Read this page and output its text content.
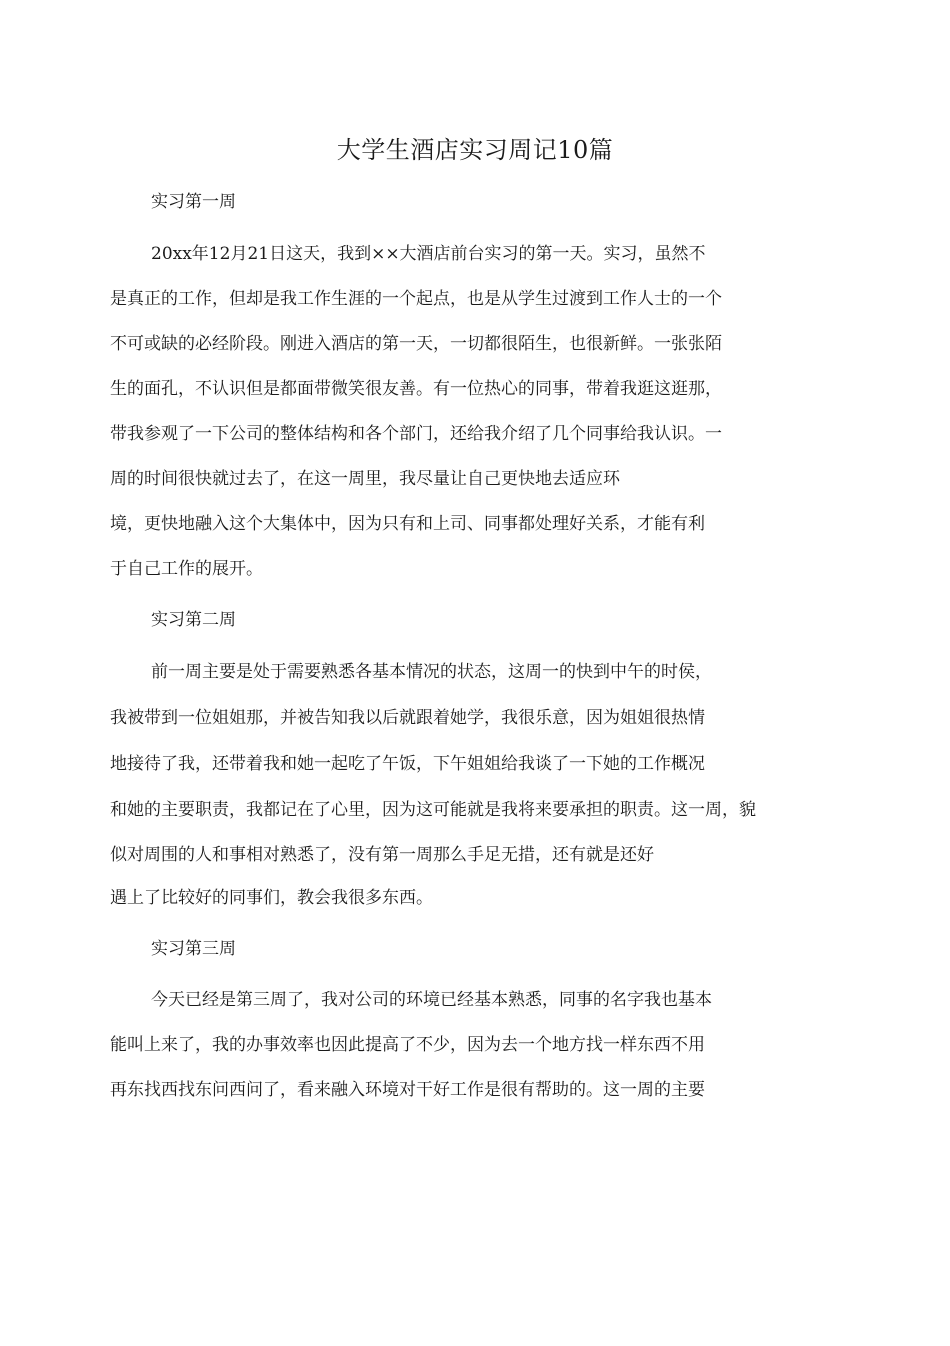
大学生酒店实习周记10篇

实习第一周

20xx年12月21日这天，我到××大酒店前台实习的第一天。实习，虽然不

是真正的工作，但却是我工作生涯的一个起点，也是从学生过渡到工作人士的一个

不可或缺的必经阶段。刚进入酒店的第一天，一切都很陌生，也很新鲜。一张张陌

生的面孔，不认识但是都面带微笑很友善。有一位热心的同事，带着我逛这逛那，

带我参观了一下公司的整体结构和各个部门，还给我介绍了几个同事给我认识。一

周的时间很快就过去了，在这一周里，我尽量让自己更快地去适应环

境，更快地融入这个大集体中，因为只有和上司、同事都处理好关系，才能有利

于自己工作的展开。

实习第二周

前一周主要是处于需要熟悉各基本情况的状态，这周一的快到中午的时侯，

我被带到一位姐姐那，并被告知我以后就跟着她学，我很乐意，因为姐姐很热情

地接待了我，还带着我和她一起吃了午饭，下午姐姐给我谈了一下她的工作概况

和她的主要职责，我都记在了心里，因为这可能就是我将来要承担的职责。这一周，貌

似对周围的人和事相对熟悉了，没有第一周那么手足无措，还有就是还好

遇上了比较好的同事们，教会我很多东西。

实习第三周

今天已经是第三周了，我对公司的环境已经基本熟悉，同事的名字我也基本

能叫上来了，我的办事效率也因此提高了不少，因为去一个地方找一样东西不用

再东找西找东问西问了，看来融入环境对干好工作是很有帮助的。这一周的主要
